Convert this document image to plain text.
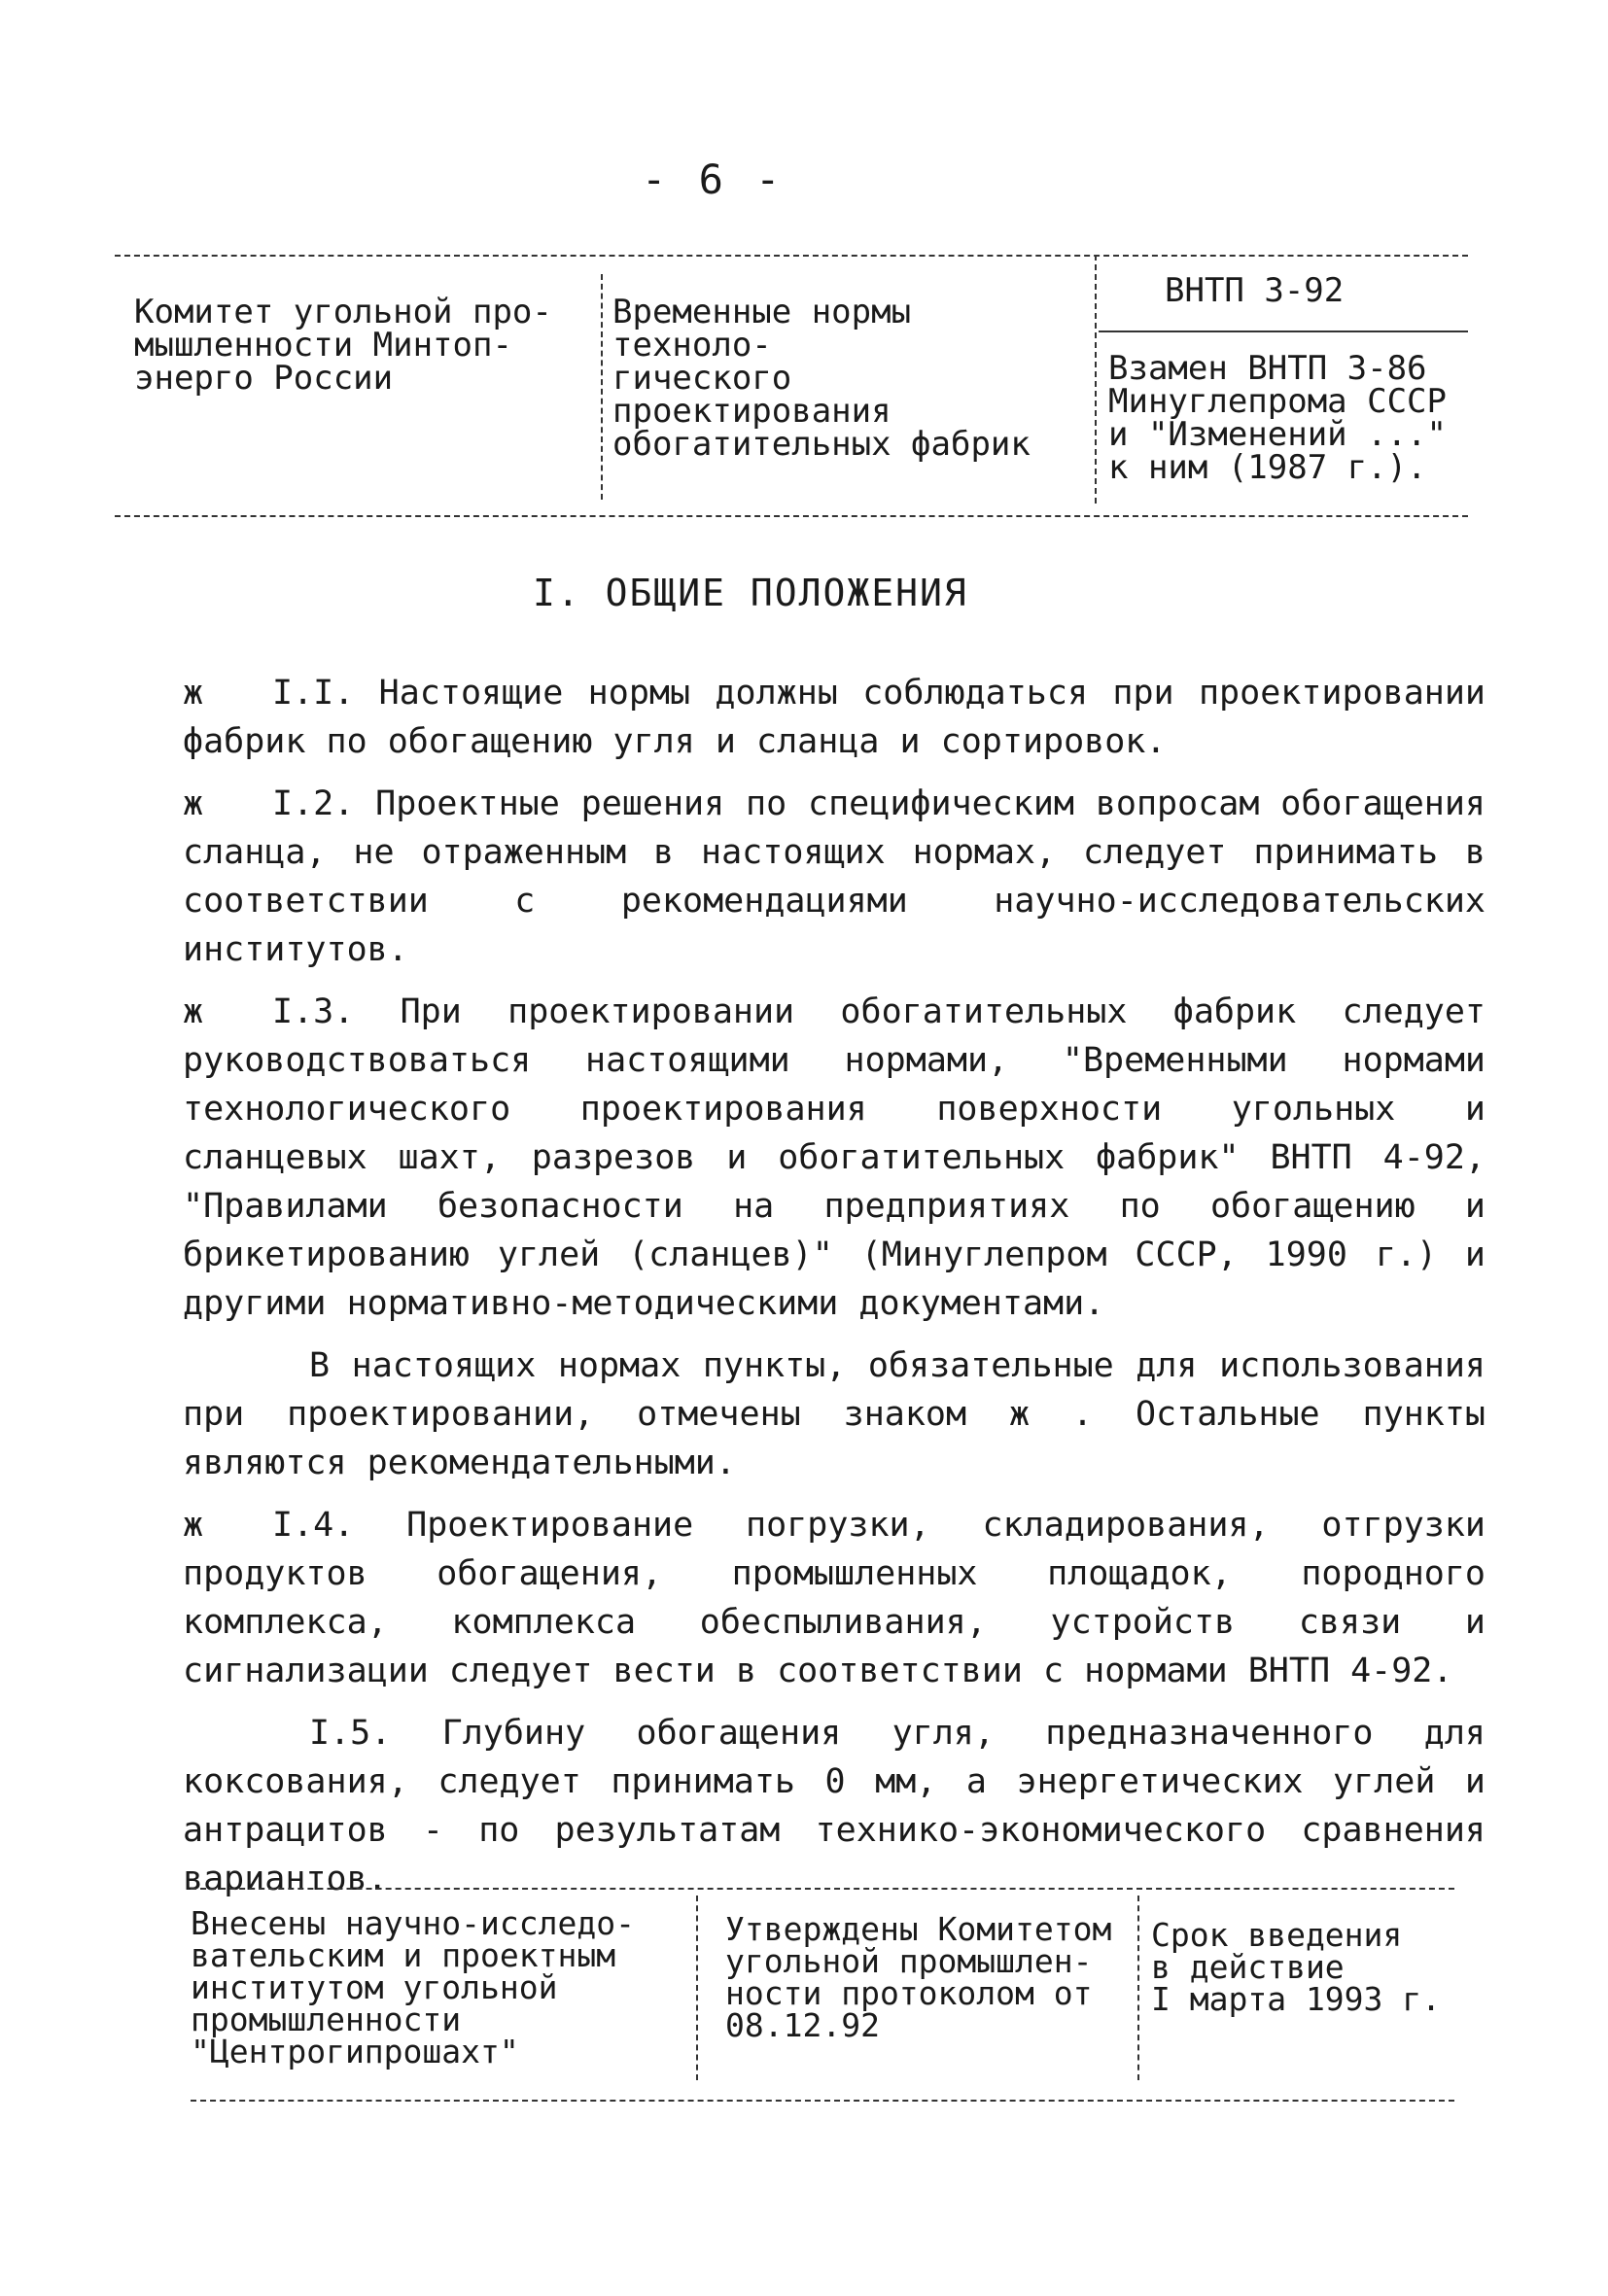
- 6 -
Комитет угольной про-
мышленности Минтоп-
энерго России
Временные нормы техноло-
гического проектирования
обогатительных фабрик
ВНТП 3-92
Взамен ВНТП 3-86
Минуглепрома СССР
и "Изменений ..."
к ним (1987 г.).
I. ОБЩИЕ ПОЛОЖЕНИЯ

ж I.I. Настоящие нормы должны соблюдаться при проектировании фабрик по обогащению угля и сланца и сортировок.

ж I.2. Проектные решения по специфическим вопросам обогащения сланца, не отраженным в настоящих нормах, следует принимать в соответствии с рекомендациями научно-исследовательских институтов.

ж I.3. При проектировании обогатительных фабрик следует руководствоваться настоящими нормами, "Временными нормами технологического проектирования поверхности угольных и сланцевых шахт, разрезов и обогатительных фабрик" ВНТП 4-92, "Правилами безопасности на предприятиях по обогащению и брикетированию углей (сланцев)" (Минуглепром СССР, 1990 г.) и другими нормативно-методическими документами.

В настоящих нормах пункты, обязательные для использования при проектировании, отмечены знаком ж . Остальные пункты являются рекомендательными.

ж I.4. Проектирование погрузки, складирования, отгрузки продуктов обогащения, промышленных площадок, породного комплекса, комплекса обеспыливания, устройств связи и сигнализации следует вести в соответствии с нормами ВНТП 4-92.

I.5. Глубину обогащения угля, предназначенного для коксования, следует принимать 0 мм, а энергетических углей и антрацитов - по результатам технико-экономического сравнения вариантов.

Внесены научно-исследо-
вательским и проектным
институтом угольной
промышленности
"Центрогипрошахт"
Утверждены Комитетом
угольной промышлен-
ности протоколом от
08.12.92
Срок введения
в действие
I марта 1993 г.
